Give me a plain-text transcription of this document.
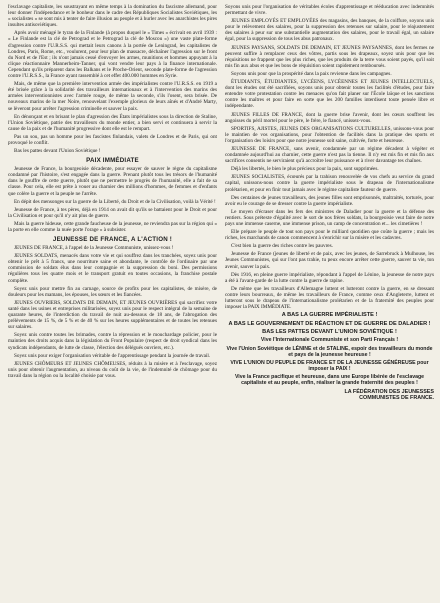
l'esclavage capitaliste, les soustrayant en même temps à la domination du fascisme allemand, pour leur donner l'indépendance et le bonheur dans le cadre des Républiques Socialistes Soviétiques, les « socialistes » se sont mis à tenter de faire illusion au peuple et à hurler avec les anarchistes les pires insultes antisoviétiques.

Après avoir ménagé le tyran de la Finlande (à propos duquel le « Times » écrivait en avril 1939 : « Le Finlande est la clé de Petrograd et le Petrograd la clé de Moscou ») une vaste plate-forme d'agression contre l'U.R.S.S. qui mettait leurs canons à la portée de Leningrad, les capitalistes de Londres, Paris, Rome, etc., voulurent, pour leur plan de massacre, déchaîner l'agression sur le front du Nord et de l'Est ; ils n'ont jamais cessé d'envoyer les armes, munitions et hommes appuyant à la clique réactionnaire Mannerheim-Tanner, qui vont vendre leur pays à la finance internationale. Cependant qu'ils préparent dans les Balkans et le Proche-Orient, seconde plate-forme de l'agression contre l'U.R.S.S., la France ayant rassemblé à cet effet 400.000 hommes en Syrie.

Mais, de même que la première intervention armée des impérialistes contre l'U.R.S.S. en 1919 a été brisée grâce à la solidarité des travailleurs internationaux et à l'intervention des marins des armées interventionnistes avec l'armée rouge, de même la seconde, s'ils l'osent, sera brisée. De nouveaux marins de la mer Noire, renouvelant l'exemple glorieux de leurs aînés et d'André Marty, se lèveront pour arrêter l'agression criminelle et sauver la paix.

En dénonçant et en brisant le plan d'agression des États impérialistes sous la direction de Staline, l'Union Soviétique, patrie des travailleurs du monde entier, a bien servi et continuera à servir la cause de la paix et de l'humanité progressive dont elle est le rempart.

Pas un sou, pas un homme pour les fascistes finlandais, valets de Londres et de Paris, qui ont provoqué le conflit.

Bas les pattes devant l'Union Soviétique !

PAIX IMMÉDIATE

Jeunesse de France, la bourgeoisie décadente, pour essayer de sauver le règne du capitalisme condamné par l'histoire, s'est engagée dans la guerre. Prenant plutôt tous les trésors de l'humanité dans le gouffre de cette guerre, plutôt que ne permettre le progrès de l'humanité, elle a fait de sa classe. Pour cela, elle est prête à vouer au charnier des millions d'hommes, de femmes et d'enfants que colère la guerre et la peuple ne l'arrête.

En dépit des mensonges sur la guerre de la Liberté, du Droit et de la Civilisation, voilà la Vérité !

Jeunesse de France, à tes pères, déjà en 1914 on avait dit qu'ils se battaient pour le Droit et pour la Civilisation et pour qu'il n'y ait plus de guerre.

Mais la guerre hideuse, cette grande faucheuse de la jeunesse, ne reviendra pas sur la région qui « la porte en elle comme la nuée porte l'orage » à subsister.

JEUNESSE DE FRANCE, A L'ACTION !

JEUNES DE FRANCE, à l'appel de la Jeunesse Communiste, unissez-vous !

JEUNES SOLDATS, menacés dans votre vie et qui souffrez dans les tranchées, soyez unis pour obtenir le prêt à 5 francs, une nourriture saine et abondante, le contrôle de l'ordinaire par une commission de soldats élus dans leur compagnie et la suppression du boni. Des permissions régulières tous les quatre mois et le transport gratuit en toutes occasions, la franchise postale complète.

Soyez unis pour mettre fin au carnage, source de profits pour les capitalistes, de misère, de douleurs pour les mamans, les épouses, les sœurs et les fiancées.

JEUNES OUVRIERS, SOLDATS DE DEMAIN, ET JEUNES OUVRIÈRES qui sacrifiez votre santé dans les usines et entreprises militarisées, soyez unis pour le respect intégral de la semaine de quarante heures, de l'interdiction du travail de nuit au-dessous de 18 ans, de l'abrogation des prélèvements de 15 %, de 5 % et de 40 % sur les heures supplémentaires et de toutes les retenues sur salaires.

Soyez unis contre toutes les brimades, contre la répression et le mouchardage policier, pour le maintien des droits acquis dans la législation du Front Populaire (respect de droit syndical dans les syndicats indépendants, de lutte de classe, l'élection des délégués ouvriers, etc.).

Soyez unis pour exiger l'organisation véritable de l'apprentissage pendant la journée de travail.

JEUNES CHÔMEURS ET JEUNES CHÔMEUSES, réduits à la misère et à l'esclavage, soyez unis pour obtenir l'augmentation, au niveau du coût de la vie, de l'indemnité de chômage pour du travail dans la région ou la localité choisie par vous.

Soyons unis pour l'organisation de véritables écoles d'apprentissage et rééducation avec indemnités permettant de vivre.

JEUNES EMPLOYÉS ET EMPLOYÉES des magasins, des banques, de la coiffure, soyons unis pour le relèvement des salaires, pour la suppression des retenues sur salaire, pour le réajustement des salaires à peur sur une substantielle augmentation des salaires, pour le travail égal, un salaire égal, pour la suppression de tous les abus patronaux.

JEUNES PAYSANS, SOLDATS DE DEMAIN, ET JEUNES PAYSANNES, dont les fermes ne peuvent suffire à remplacer ceux des vôtres, partis sous les drapeaux, soyez unis pour que les réquisitions ne frappent que les plus riches, que les produits de la terre vous soient payés, qu'il soit mis fin aux abus et que les bons de réquisition soient rapidement remboursés.

Soyons unis pour que la prospérité dans la paix revienne dans les campagnes.

ÉTUDIANTS, ÉTUDIANTES, LYCÉENS, LYCÉENNES ET JEUNES INTELLECTUELS, dont les études ont été sacrifiées, soyons unis pour obtenir toutes les facilités d'études, pour faire entendre votre protestation contre les menaces qu'on fait planer sur l'École laïque et les sanctions contre les maîtres et pour faire en sorte que les 200 familles interdisent toute pensée libre et indépendante.

JEUNES FILLES DE FRANCE, dont la guerre brise l'avenir, dont les cœurs souffrent les angoisses du péril mortel pour le père, le frère, le fiancé, unissez-vous.

SPORTIFS, AJISTES, JEUNES DES ORGANISATIONS CULTURELLES, unissons-vous pour le maintien de vos organisations, pour l'obtention de facilités dans la pratique des sports et l'organisation des loisirs pour que notre jeunesse soit saine, cultivée, forte et heureuse.

JEUNESSE DE FRANCE, sans avenir, condamnée par un régime décadent à végéter et condamnée aujourd'hui au charnier, cette guerre n'est pas la tienne. Il n'y est mis fin et mis fin aux sacrifices consentis ne serviraient qu'à accroître leur puissance et à river davantage tes chaînes.

Déjà les libertés, le bien le plus précieux pour la paix, sont supprimées.

JEUNES SOCIALISTES, écœurés par la trahison renouvelée de vos chefs au service du grand capital, unissons-nous contre la guerre impérialiste sous le drapeau de l'internationalisme prolétarien, et pour en finir tout jamais avec le régime capitaliste fauteur de guerre.

Des centaines de jeunes travailleurs, des jeunes filles sont emprisonnés, maltraités, torturés, pour avoir eu le courage de se dresser contre la guerre impérialiste.

Le moyen d'écraser dans les fers des ministres de Daladier pour la guerre et la défense des rentiers. Sous prétexte d'égalité avec le sort de nos frères soldats, la bourgeoisie veut faire de notre pays une immense caserne, une immense prison, un camp de concentration et... les cimetières !

Elle prépare le peuple de tout son pays pour le milliard quotidien que coûte la guerre ; mais les riches, les marchands de canon commencent à s'enrichir sur la misère et les cadavres.

C'est bien la guerre des riches contre les pauvres.

Jeunesse de France (jeunes de liberté et de paix, avec les jeunes, de Sarrebruck à Mulhouse, les Jeunes Communistes, qui sur l'ont pas trahie, tu peux encore arrêter cette guerre, sauver ta vie, ton avenir, sauver la paix.

Dès 1916, en pleine guerre impérialiste, répondant à l'appel de Lénine, la jeunesse de notre pays a été à l'avant-garde de la lutte contre la guerre de rapine.

De même que les travailleurs d'Allemagne luttent et lutteront contre la guerre, en se dressant contre leurs bourreaux, de même les travailleurs de France, comme ceux d'Angleterre, luttent et lutteront sous le drapeau de l'internationalisme prolétarien et de la fraternité des peuples pour imposer la PAIX IMMÉDIATE.

A BAS LA GUERRE IMPÉRIALISTE !
A BAS LE GOUVERNEMENT DE RÉACTION ET DE GUERRE DE DALADIER !
BAS LES PATTES DEVANT L'UNION SOVIÉTIQUE !

Vive l'Internationale Communiste et son Parti Français !

Vive l'Union Soviétique de LÉNINE et de STALINE, espoir des travailleurs du monde et pays de la jeunesse heureuse !

VIVE L'UNION DU PEUPLE DE FRANCE ET DE LA JEUNESSE GÉNÉREUSE pour imposer la PAIX !

Vive la France pacifique et heureuse, dans une Europe libérée de l'esclavage capitaliste et au peuple, enfin, réaliser la grande fraternité des peuples !

LA FÉDÉRATION DES JEUNESSES
COMMUNISTES DE FRANCE.
